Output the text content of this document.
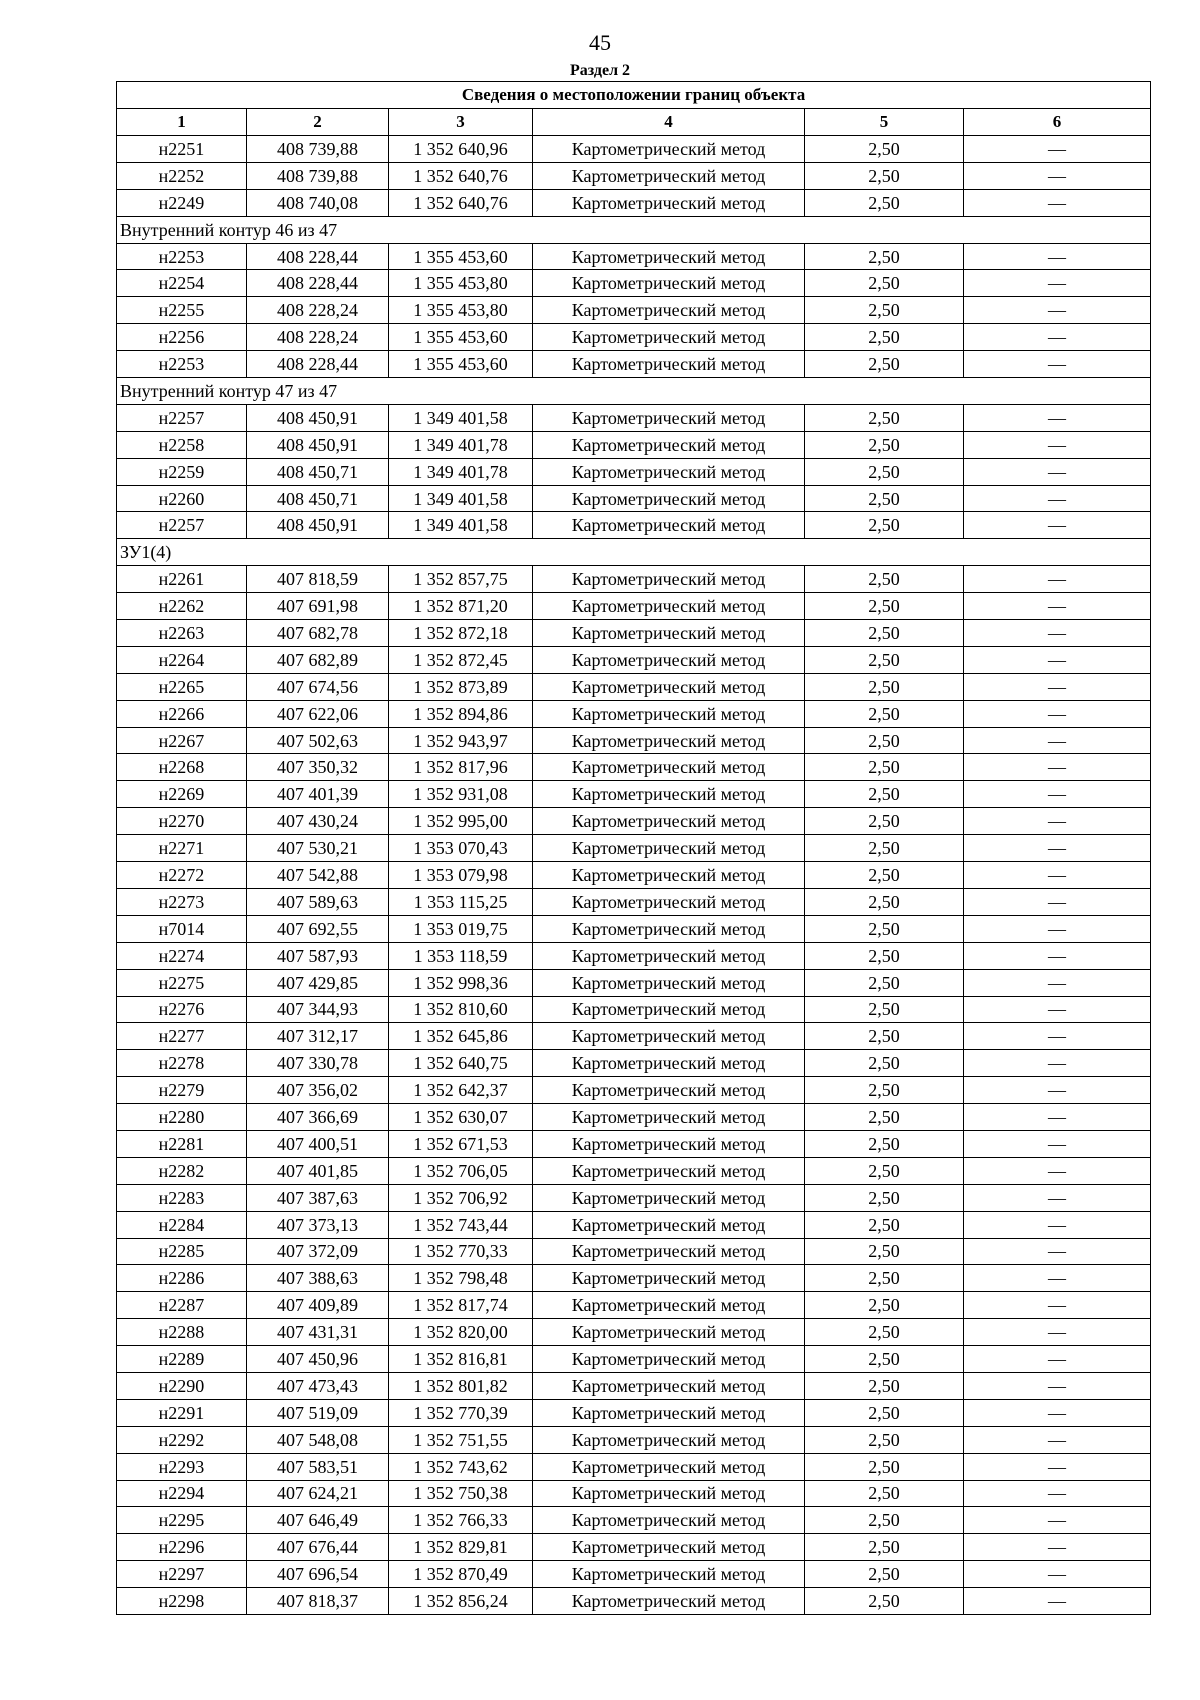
45
Раздел 2
Сведения о местоположении границ объекта					
1	2	3	4	5	6
н2251	408 739,88	1 352 640,96	Картометрический метод	2,50	—
н2252	408 739,88	1 352 640,76	Картометрический метод	2,50	—
н2249	408 740,08	1 352 640,76	Картометрический метод	2,50	—
Внутренний контур 46 из 47					
н2253	408 228,44	1 355 453,60	Картометрический метод	2,50	—
н2254	408 228,44	1 355 453,80	Картометрический метод	2,50	—
н2255	408 228,24	1 355 453,80	Картометрический метод	2,50	—
н2256	408 228,24	1 355 453,60	Картометрический метод	2,50	—
н2253	408 228,44	1 355 453,60	Картометрический метод	2,50	—
Внутренний контур 47 из 47					
н2257	408 450,91	1 349 401,58	Картометрический метод	2,50	—
н2258	408 450,91	1 349 401,78	Картометрический метод	2,50	—
н2259	408 450,71	1 349 401,78	Картометрический метод	2,50	—
н2260	408 450,71	1 349 401,58	Картометрический метод	2,50	—
н2257	408 450,91	1 349 401,58	Картометрический метод	2,50	—
ЗУ1(4)					
н2261	407 818,59	1 352 857,75	Картометрический метод	2,50	—
н2262	407 691,98	1 352 871,20	Картометрический метод	2,50	—
н2263	407 682,78	1 352 872,18	Картометрический метод	2,50	—
н2264	407 682,89	1 352 872,45	Картометрический метод	2,50	—
н2265	407 674,56	1 352 873,89	Картометрический метод	2,50	—
н2266	407 622,06	1 352 894,86	Картометрический метод	2,50	—
н2267	407 502,63	1 352 943,97	Картометрический метод	2,50	—
н2268	407 350,32	1 352 817,96	Картометрический метод	2,50	—
н2269	407 401,39	1 352 931,08	Картометрический метод	2,50	—
н2270	407 430,24	1 352 995,00	Картометрический метод	2,50	—
н2271	407 530,21	1 353 070,43	Картометрический метод	2,50	—
н2272	407 542,88	1 353 079,98	Картометрический метод	2,50	—
н2273	407 589,63	1 353 115,25	Картометрический метод	2,50	—
н7014	407 692,55	1 353 019,75	Картометрический метод	2,50	—
н2274	407 587,93	1 353 118,59	Картометрический метод	2,50	—
н2275	407 429,85	1 352 998,36	Картометрический метод	2,50	—
н2276	407 344,93	1 352 810,60	Картометрический метод	2,50	—
н2277	407 312,17	1 352 645,86	Картометрический метод	2,50	—
н2278	407 330,78	1 352 640,75	Картометрический метод	2,50	—
н2279	407 356,02	1 352 642,37	Картометрический метод	2,50	—
н2280	407 366,69	1 352 630,07	Картометрический метод	2,50	—
н2281	407 400,51	1 352 671,53	Картометрический метод	2,50	—
н2282	407 401,85	1 352 706,05	Картометрический метод	2,50	—
н2283	407 387,63	1 352 706,92	Картометрический метод	2,50	—
н2284	407 373,13	1 352 743,44	Картометрический метод	2,50	—
н2285	407 372,09	1 352 770,33	Картометрический метод	2,50	—
н2286	407 388,63	1 352 798,48	Картометрический метод	2,50	—
н2287	407 409,89	1 352 817,74	Картометрический метод	2,50	—
н2288	407 431,31	1 352 820,00	Картометрический метод	2,50	—
н2289	407 450,96	1 352 816,81	Картометрический метод	2,50	—
н2290	407 473,43	1 352 801,82	Картометрический метод	2,50	—
н2291	407 519,09	1 352 770,39	Картометрический метод	2,50	—
н2292	407 548,08	1 352 751,55	Картометрический метод	2,50	—
н2293	407 583,51	1 352 743,62	Картометрический метод	2,50	—
н2294	407 624,21	1 352 750,38	Картометрический метод	2,50	—
н2295	407 646,49	1 352 766,33	Картометрический метод	2,50	—
н2296	407 676,44	1 352 829,81	Картометрический метод	2,50	—
н2297	407 696,54	1 352 870,49	Картометрический метод	2,50	—
н2298	407 818,37	1 352 856,24	Картометрический метод	2,50	—
